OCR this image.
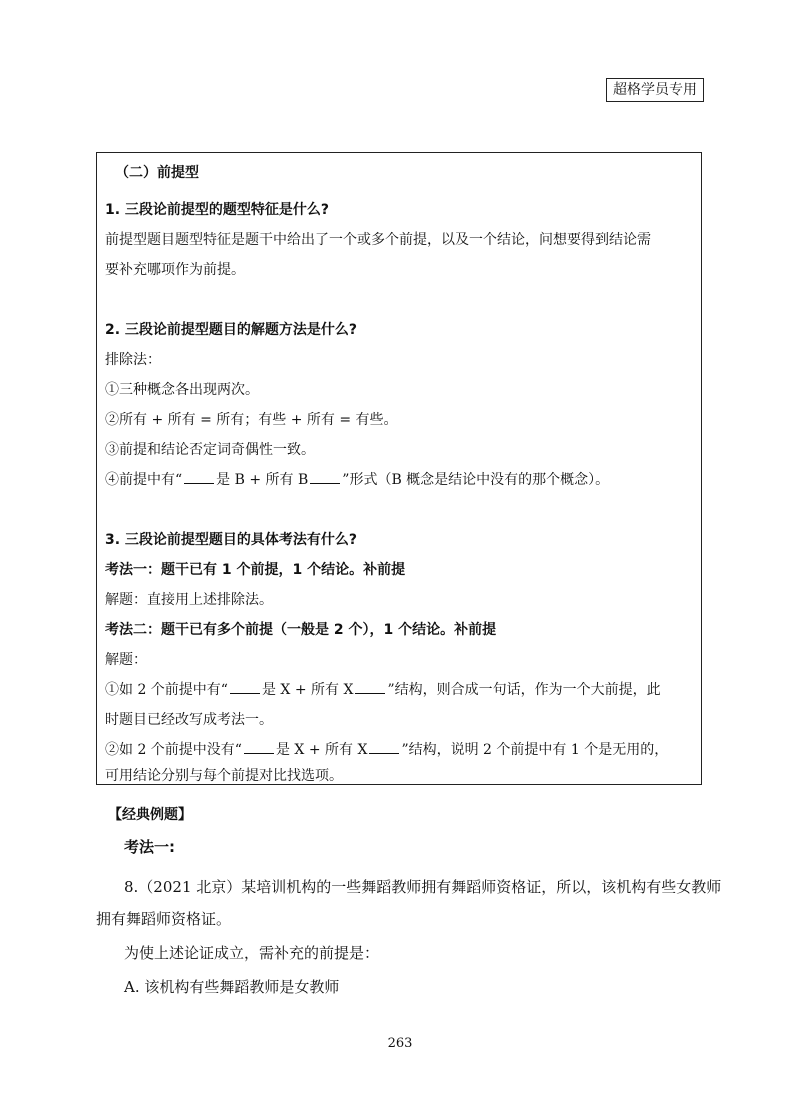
超格学员专用
（二）前提型
1. 三段论前提型的题型特征是什么?
前提型题目题型特征是题干中给出了一个或多个前提，以及一个结论，问想要得到结论需
要补充哪项作为前提。
2. 三段论前提型题目的解题方法是什么?
排除法：
①三种概念各出现两次。
②所有 + 所有 = 所有；有些 + 所有 = 有些。
③前提和结论否定词奇偶性一致。
④前提中有“ 是 B + 所有 B ”形式（B 概念是结论中没有的那个概念）。
3. 三段论前提型题目的具体考法有什么?
考法一：题干已有 1 个前提，1 个结论。补前提
解题：直接用上述排除法。
考法二：题干已有多个前提（一般是 2 个），1 个结论。补前提
解题：
①如 2 个前提中有“ 是 X + 所有 X ”结构，则合成一句话，作为一个大前提，此
时题目已经改写成考法一。
②如 2 个前提中没有“ 是 X + 所有 X ”结构，说明 2 个前提中有 1 个是无用的，
可用结论分别与每个前提对比找选项。
【经典例题】
考法一:
8.（2021 北京）某培训机构的一些舞蹈教师拥有舞蹈师资格证，所以，该机构有些女教师
拥有舞蹈师资格证。
为使上述论证成立，需补充的前提是：
A. 该机构有些舞蹈教师是女教师
263
